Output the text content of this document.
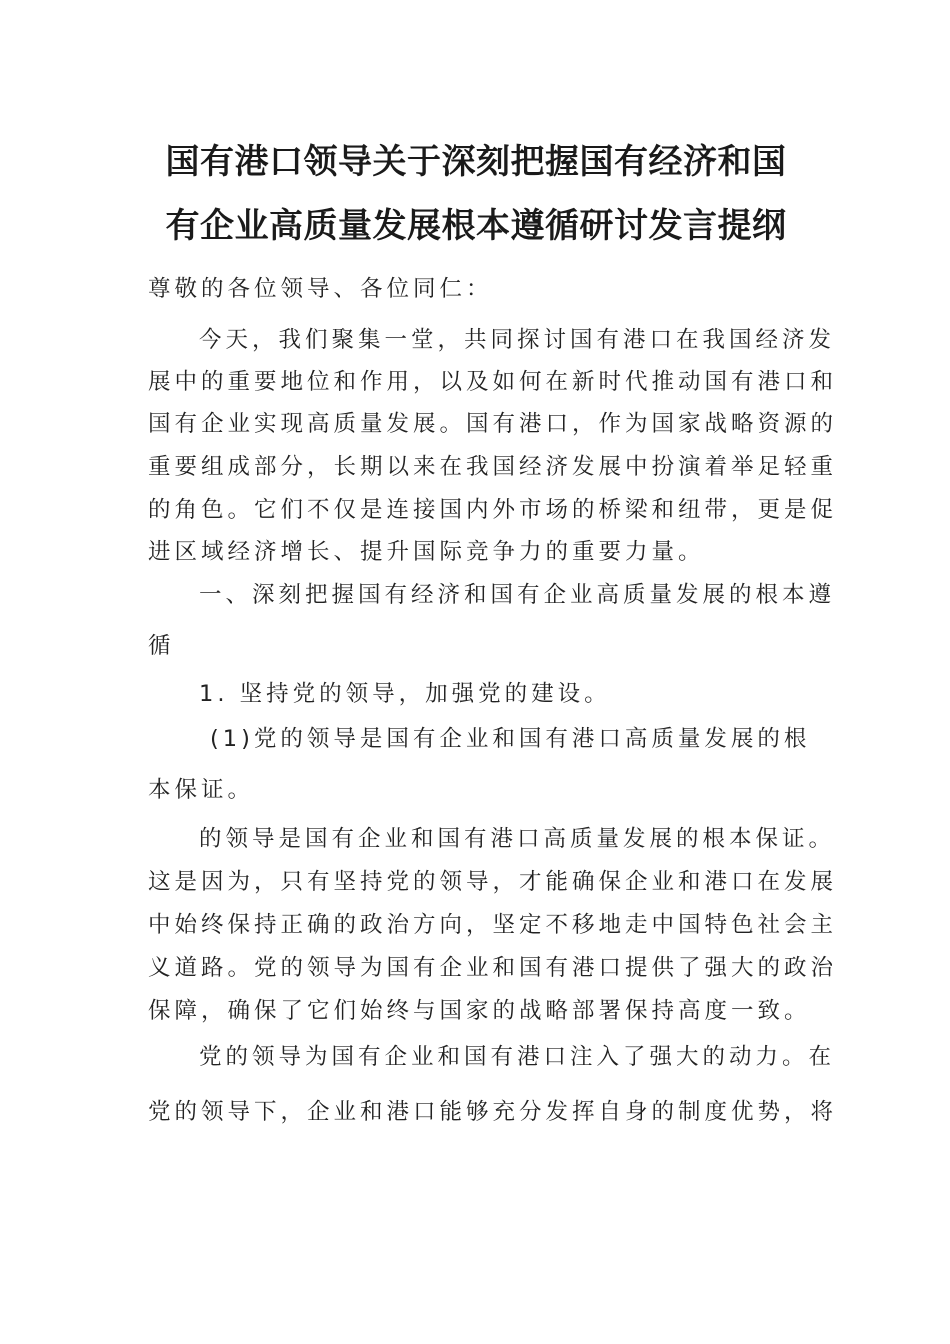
国有港口领导关于深刻把握国有经济和国
有企业高质量发展根本遵循研讨发言提纲
尊敬的各位领导、各位同仁：
今天，我们聚集一堂，共同探讨国有港口在我国经济发
展中的重要地位和作用，以及如何在新时代推动国有港口和
国有企业实现高质量发展。国有港口，作为国家战略资源的
重要组成部分，长期以来在我国经济发展中扮演着举足轻重
的角色。它们不仅是连接国内外市场的桥梁和纽带，更是促
进区域经济增长、提升国际竞争力的重要力量。
一、深刻把握国有经济和国有企业高质量发展的根本遵
循
1. 坚持党的领导，加强党的建设。
(1)党的领导是国有企业和国有港口高质量发展的根
本保证。
的领导是国有企业和国有港口高质量发展的根本保证。
这是因为，只有坚持党的领导，才能确保企业和港口在发展
中始终保持正确的政治方向，坚定不移地走中国特色社会主
义道路。党的领导为国有企业和国有港口提供了强大的政治
保障，确保了它们始终与国家的战略部署保持高度一致。
党的领导为国有企业和国有港口注入了强大的动力。在
党的领导下，企业和港口能够充分发挥自身的制度优势，将
